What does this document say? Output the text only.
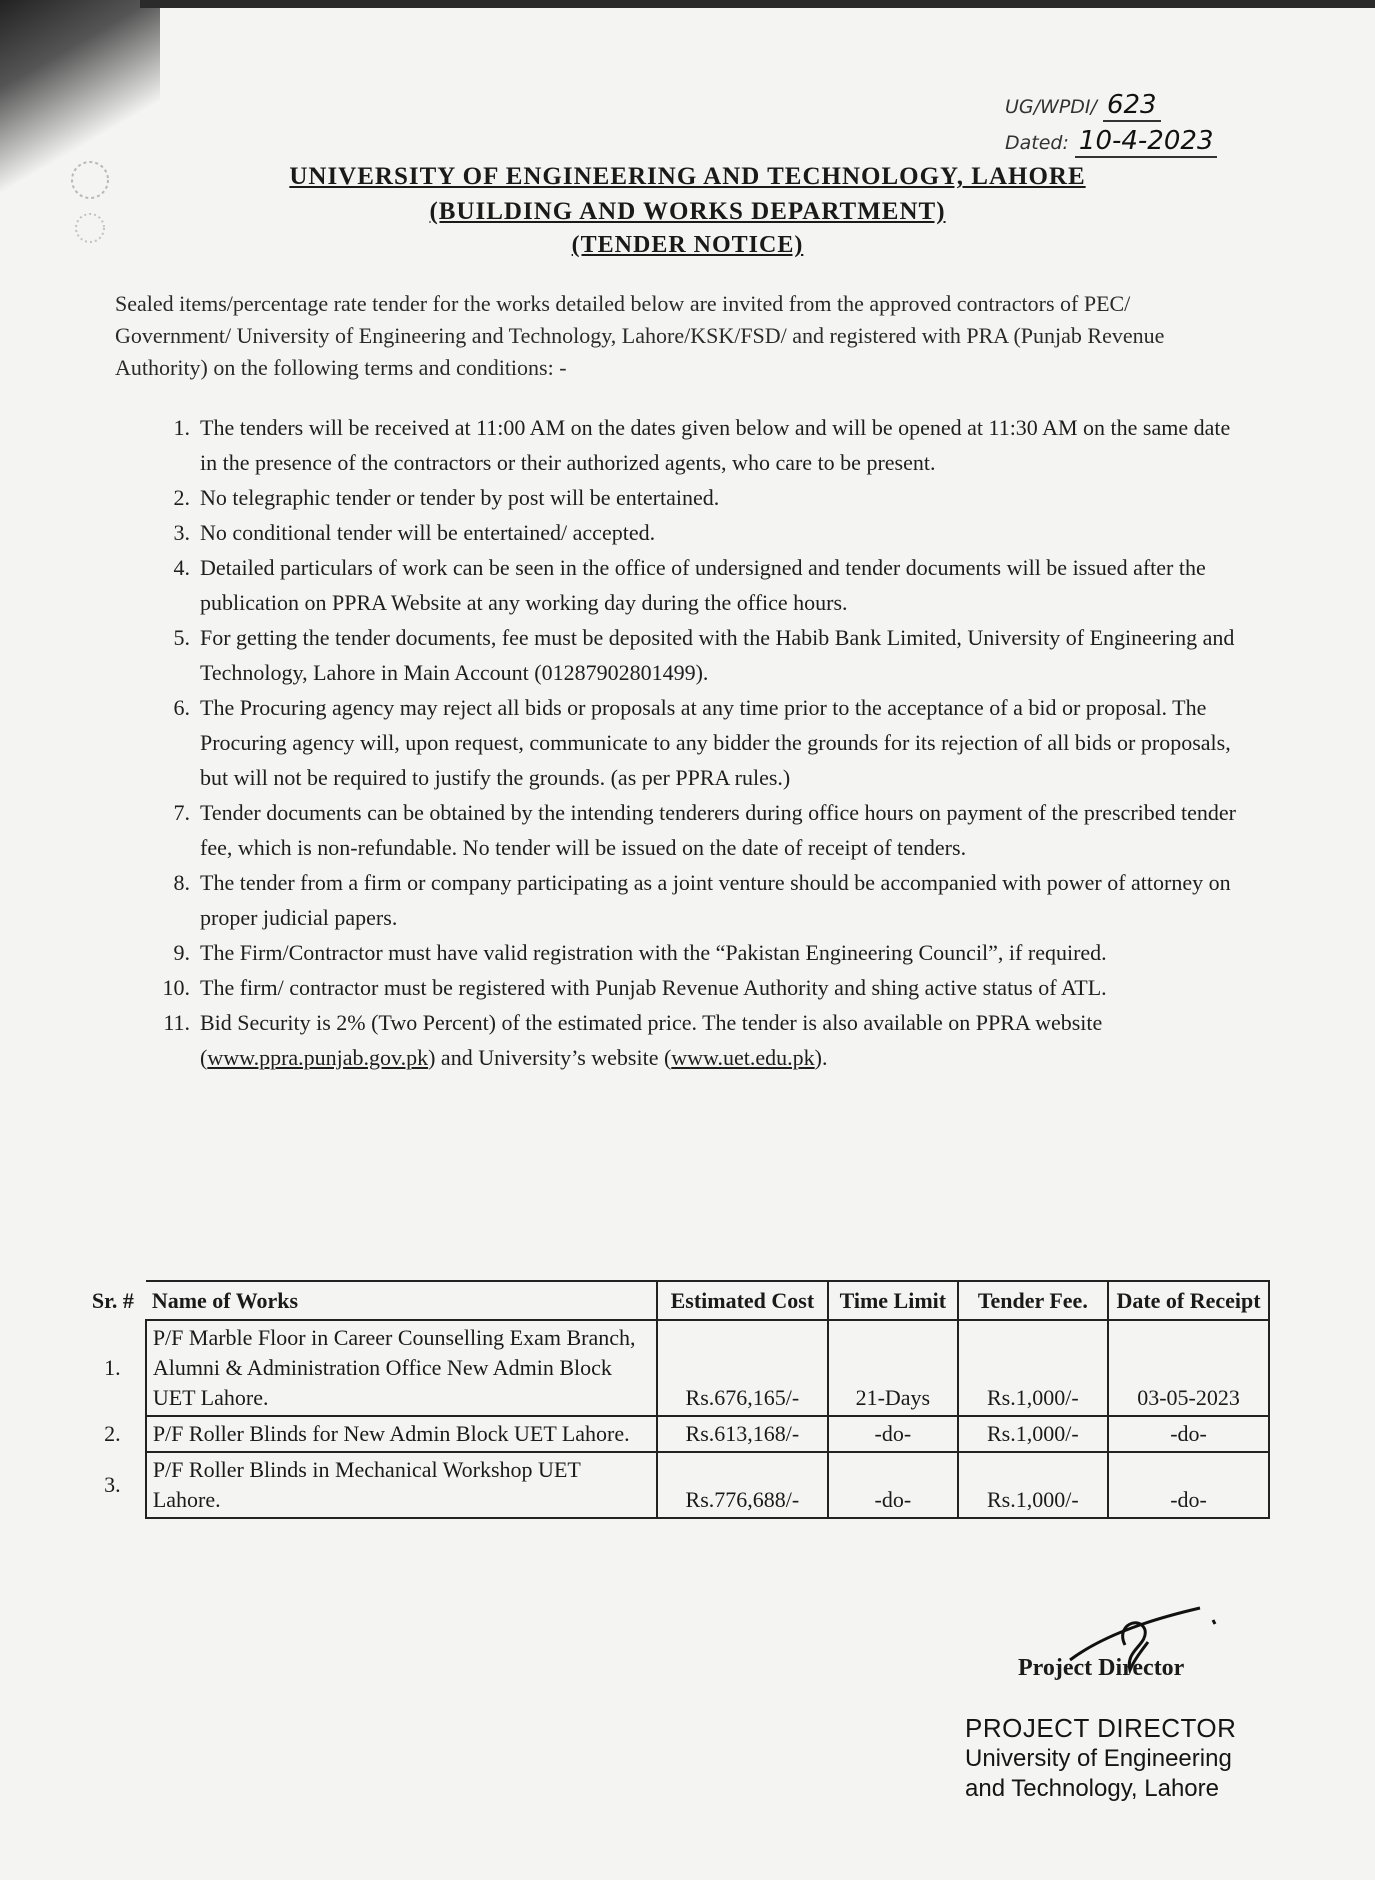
UG/WPDI/ 623
Dated: 10-4-2023
UNIVERSITY OF ENGINEERING AND TECHNOLOGY, LAHORE
(BUILDING AND WORKS DEPARTMENT)
(TENDER NOTICE)
Sealed items/percentage rate tender for the works detailed below are invited from the approved contractors of PEC/ Government/ University of Engineering and Technology, Lahore/KSK/FSD/ and registered with PRA (Punjab Revenue Authority) on the following terms and conditions: -
1. The tenders will be received at 11:00 AM on the dates given below and will be opened at 11:30 AM on the same date in the presence of the contractors or their authorized agents, who care to be present.
2. No telegraphic tender or tender by post will be entertained.
3. No conditional tender will be entertained/ accepted.
4. Detailed particulars of work can be seen in the office of undersigned and tender documents will be issued after the publication on PPRA Website at any working day during the office hours.
5. For getting the tender documents, fee must be deposited with the Habib Bank Limited, University of Engineering and Technology, Lahore in Main Account (01287902801499).
6. The Procuring agency may reject all bids or proposals at any time prior to the acceptance of a bid or proposal. The Procuring agency will, upon request, communicate to any bidder the grounds for its rejection of all bids or proposals, but will not be required to justify the grounds. (as per PPRA rules.)
7. Tender documents can be obtained by the intending tenderers during office hours on payment of the prescribed tender fee, which is non-refundable. No tender will be issued on the date of receipt of tenders.
8. The tender from a firm or company participating as a joint venture should be accompanied with power of attorney on proper judicial papers.
9. The Firm/Contractor must have valid registration with the “Pakistan Engineering Council”, if required.
10. The firm/ contractor must be registered with Punjab Revenue Authority and shing active status of ATL.
11. Bid Security is 2% (Two Percent) of the estimated price. The tender is also available on PPRA website (www.ppra.punjab.gov.pk) and University’s website (www.uet.edu.pk).
Sr. #	Name of Works	Estimated Cost	Time Limit	Tender Fee.	Date of Receipt
1.	P/F Marble Floor in Career Counselling Exam Branch, Alumni & Administration Office New Admin Block UET Lahore.	Rs.676,165/-	21-Days	Rs.1,000/-	03-05-2023
2.	P/F Roller Blinds for New Admin Block UET Lahore.	Rs.613,168/-	-do-	Rs.1,000/-	-do-
3.	P/F Roller Blinds in Mechanical Workshop UET Lahore.	Rs.776,688/-	-do-	Rs.1,000/-	-do-
Project Director
PROJECT DIRECTOR
University of Engineering
and Technology, Lahore
